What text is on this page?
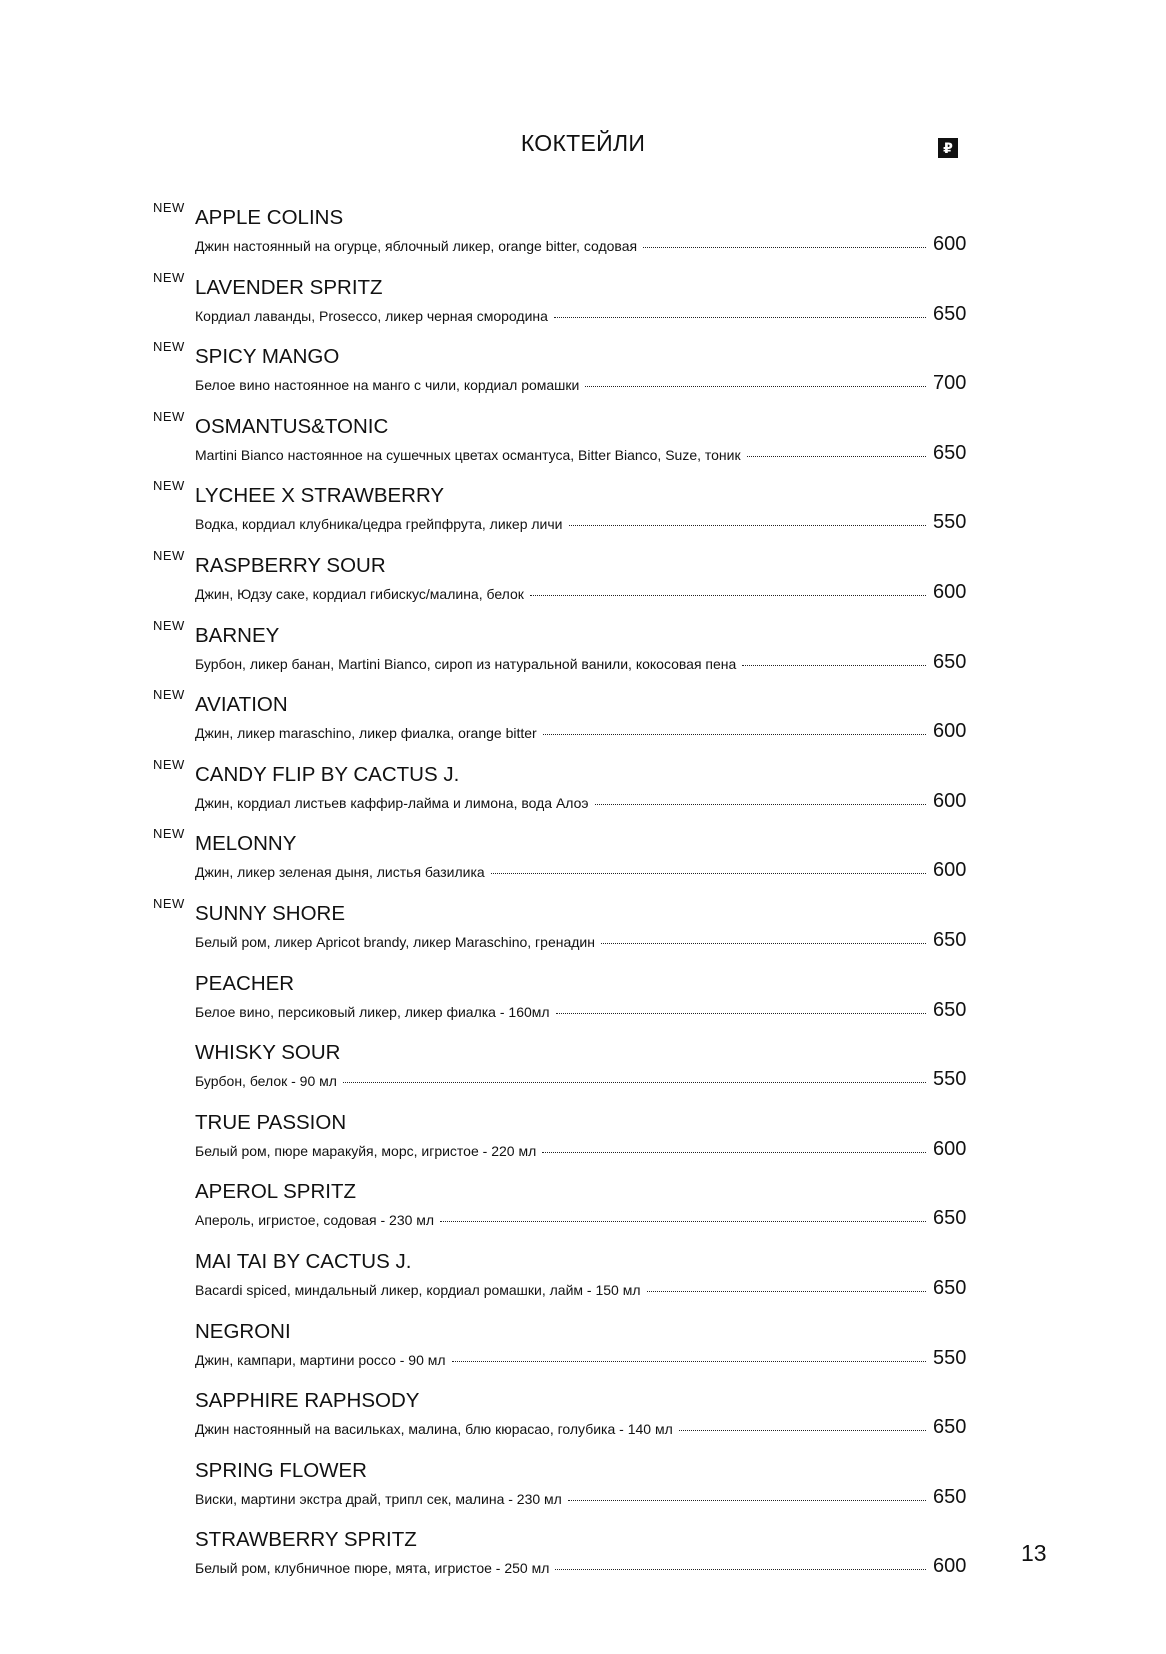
КОКТЕЙЛИ	₽
NEW APPLE COLINS
Джин настоянный на огурце, яблочный ликер, orange bitter, содовая	600
NEW LAVENDER SPRITZ
Кордиал лаванды, Prosecco, ликер черная смородина	650
NEW SPICY MANGO
Белое вино настоянное на манго с чили, кордиал ромашки	700
NEW OSMANTUS&TONIC
Martini Bianco настоянное на сушечных цветах османтуса, Bitter Bianco, Suze, тоник	650
NEW LYCHEE X STRAWBERRY
Водка, кордиал клубника/цедра грейпфрута, ликер личи	550
NEW RASPBERRY SOUR
Джин, Юдзу саке, кордиал гибискус/малина, белок	600
NEW BARNEY
Бурбон, ликер банан, Martini Bianco, сироп из натуральной ванили, кокосовая пена	650
NEW AVIATION
Джин, ликер maraschino, ликер фиалка, orange bitter	600
NEW CANDY FLIP BY CACTUS J.
Джин, кордиал листьев каффир-лайма и лимона, вода Алоэ	600
NEW MELONNY
Джин, ликер зеленая дыня, листья базилика	600
NEW SUNNY SHORE
Белый ром, ликер Apricot brandy, ликер Maraschino, гренадин	650
PEACHER
Белое вино, персиковый ликер, ликер фиалка - 160мл	650
WHISKY SOUR
Бурбон, белок - 90 мл	550
TRUE PASSION
Белый ром, пюре маракуйя, морс, игристое - 220 мл	600
APEROL SPRITZ
Апероль, игристое, содовая - 230 мл	650
MAI TAI BY CACTUS J.
Bacardi spiced, миндальный ликер, кордиал ромашки, лайм - 150 мл	650
NEGRONI
Джин, кампари, мартини россо - 90 мл	550
SAPPHIRE RAPHSODY
Джин настоянный на васильках, малина, блю кюрасао, голубика - 140 мл	650
SPRING FLOWER
Виски, мартини экстра драй, трипл сек, малина - 230 мл	650
STRAWBERRY SPRITZ
Белый ром, клубничное пюре, мята, игристое - 250 мл	600
13
